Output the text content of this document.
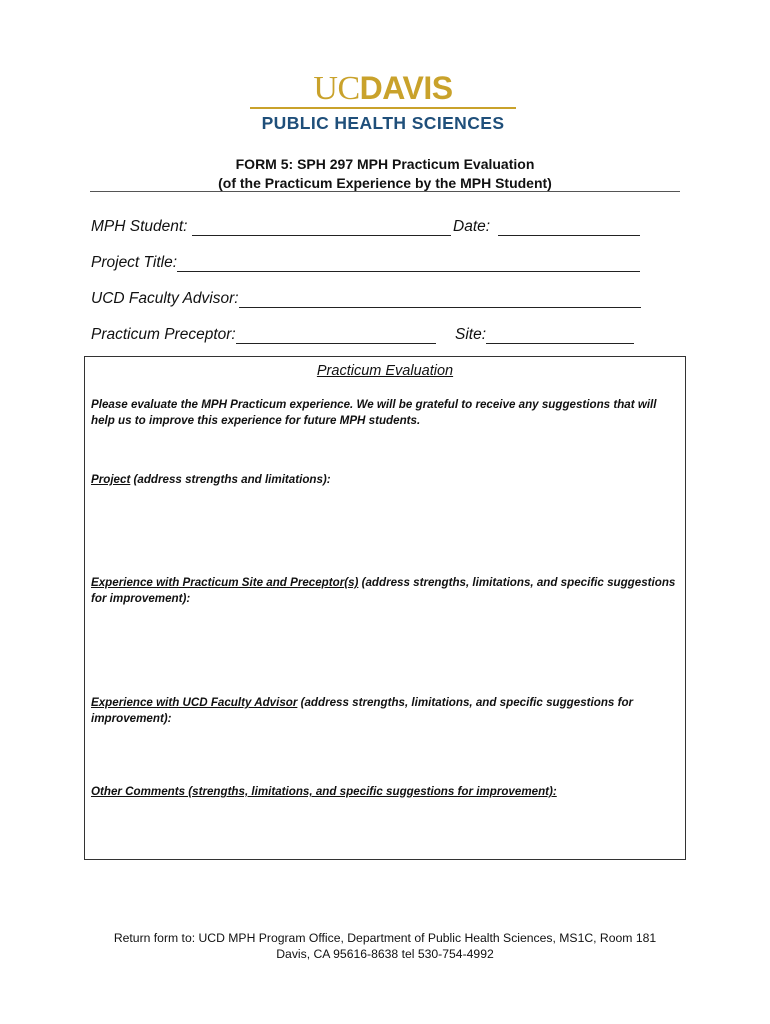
UCDAVIS
PUBLIC HEALTH SCIENCES
FORM 5: SPH 297 MPH Practicum Evaluation
(of the Practicum Experience by the MPH Student)
MPH Student:	Date:
Project Title:
UCD Faculty Advisor:
Practicum Preceptor:	Site:
Practicum Evaluation
Please evaluate the MPH Practicum experience. We will be grateful to receive any suggestions that will help us to improve this experience for future MPH students.
Project (address strengths and limitations):
Experience with Practicum Site and Preceptor(s) (address strengths, limitations, and specific suggestions for improvement):
Experience with UCD Faculty Advisor (address strengths, limitations, and specific suggestions for improvement):
Other Comments (strengths, limitations, and specific suggestions for improvement):
Return form to: UCD MPH Program Office, Department of Public Health Sciences, MS1C, Room 181
Davis, CA 95616-8638 tel 530-754-4992
